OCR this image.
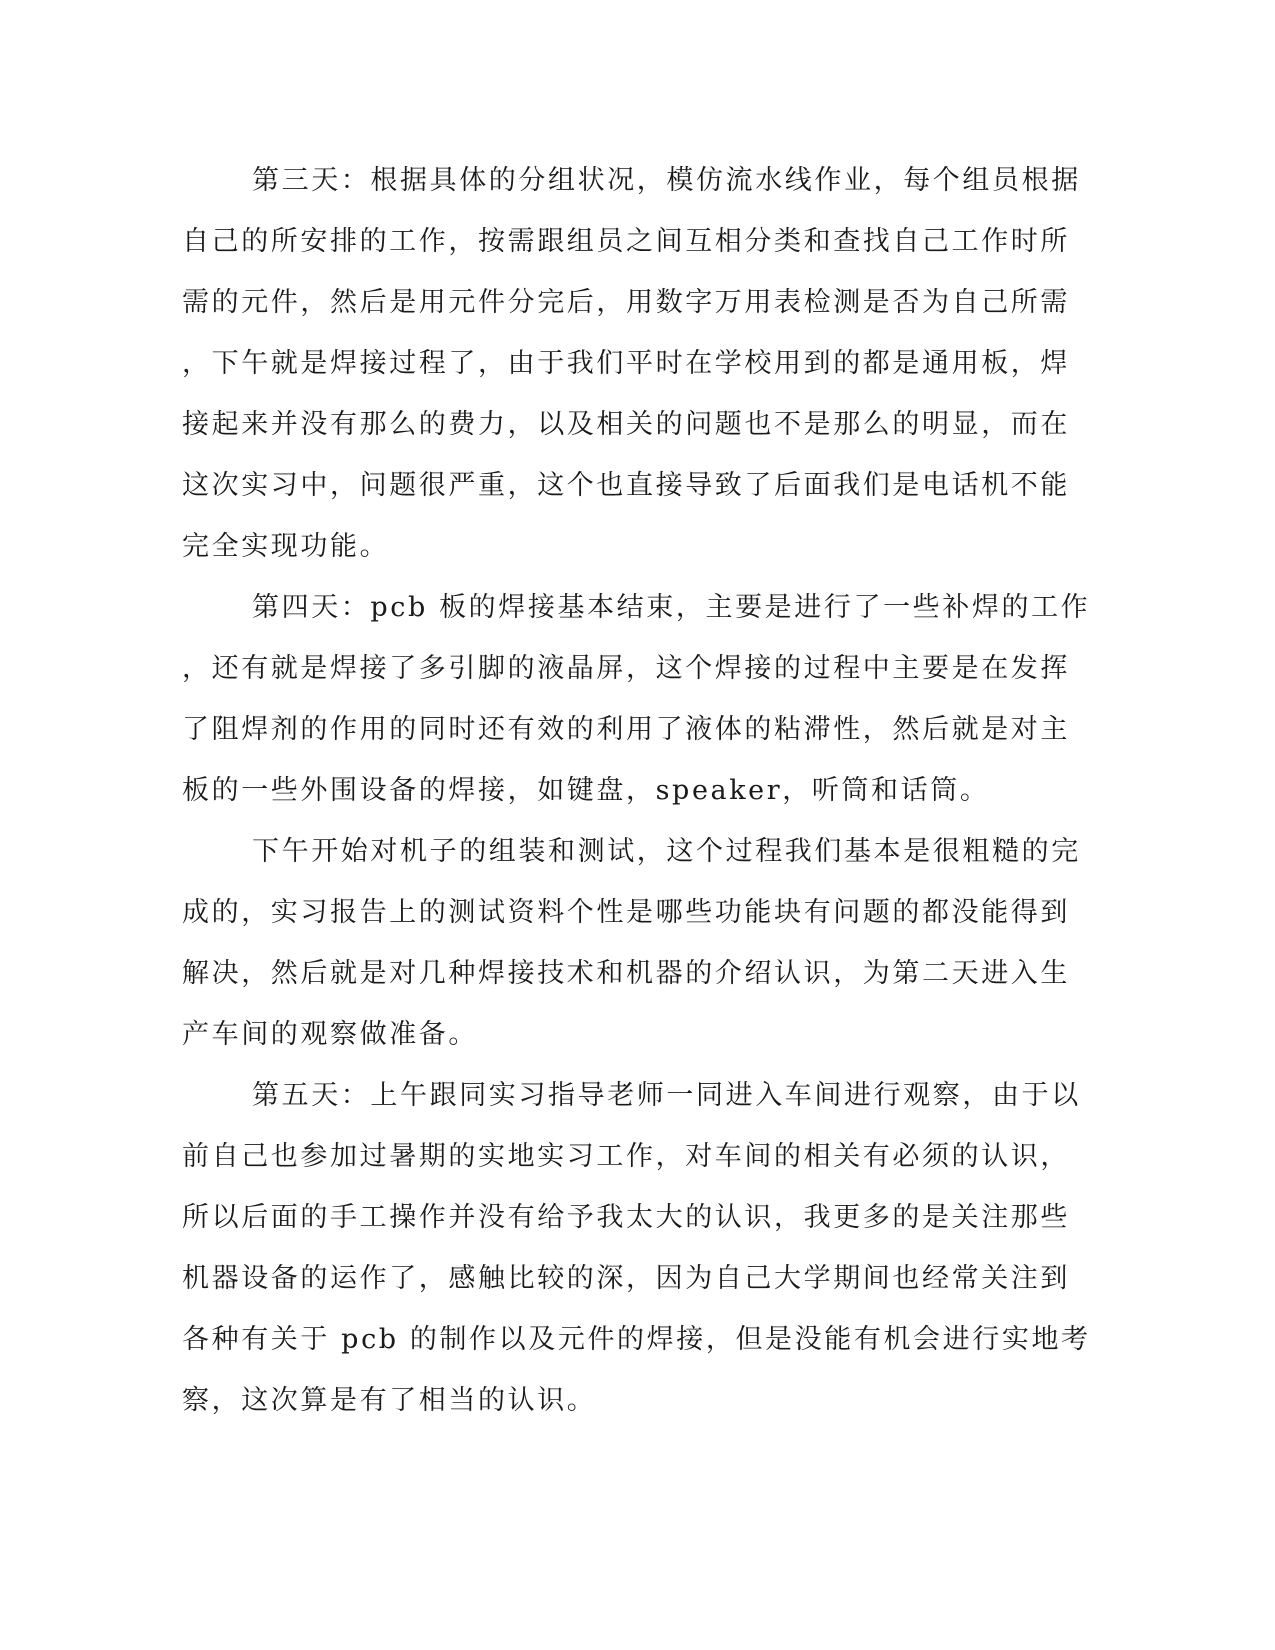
第三天：根据具体的分组状况，模仿流水线作业，每个组员根据
自己的所安排的工作，按需跟组员之间互相分类和查找自己工作时所
需的元件，然后是用元件分完后，用数字万用表检测是否为自己所需
，下午就是焊接过程了，由于我们平时在学校用到的都是通用板，焊
接起来并没有那么的费力，以及相关的问题也不是那么的明显，而在
这次实习中，问题很严重，这个也直接导致了后面我们是电话机不能
完全实现功能。
第四天：pcb 板的焊接基本结束，主要是进行了一些补焊的工作
，还有就是焊接了多引脚的液晶屏，这个焊接的过程中主要是在发挥
了阻焊剂的作用的同时还有效的利用了液体的粘滞性，然后就是对主
板的一些外围设备的焊接，如键盘，speaker，听筒和话筒。
下午开始对机子的组装和测试，这个过程我们基本是很粗糙的完
成的，实习报告上的测试资料个性是哪些功能块有问题的都没能得到
解决，然后就是对几种焊接技术和机器的介绍认识，为第二天进入生
产车间的观察做准备。
第五天：上午跟同实习指导老师一同进入车间进行观察，由于以
前自己也参加过暑期的实地实习工作，对车间的相关有必须的认识，
所以后面的手工操作并没有给予我太大的认识，我更多的是关注那些
机器设备的运作了，感触比较的深，因为自己大学期间也经常关注到
各种有关于 pcb 的制作以及元件的焊接，但是没能有机会进行实地考
察，这次算是有了相当的认识。
